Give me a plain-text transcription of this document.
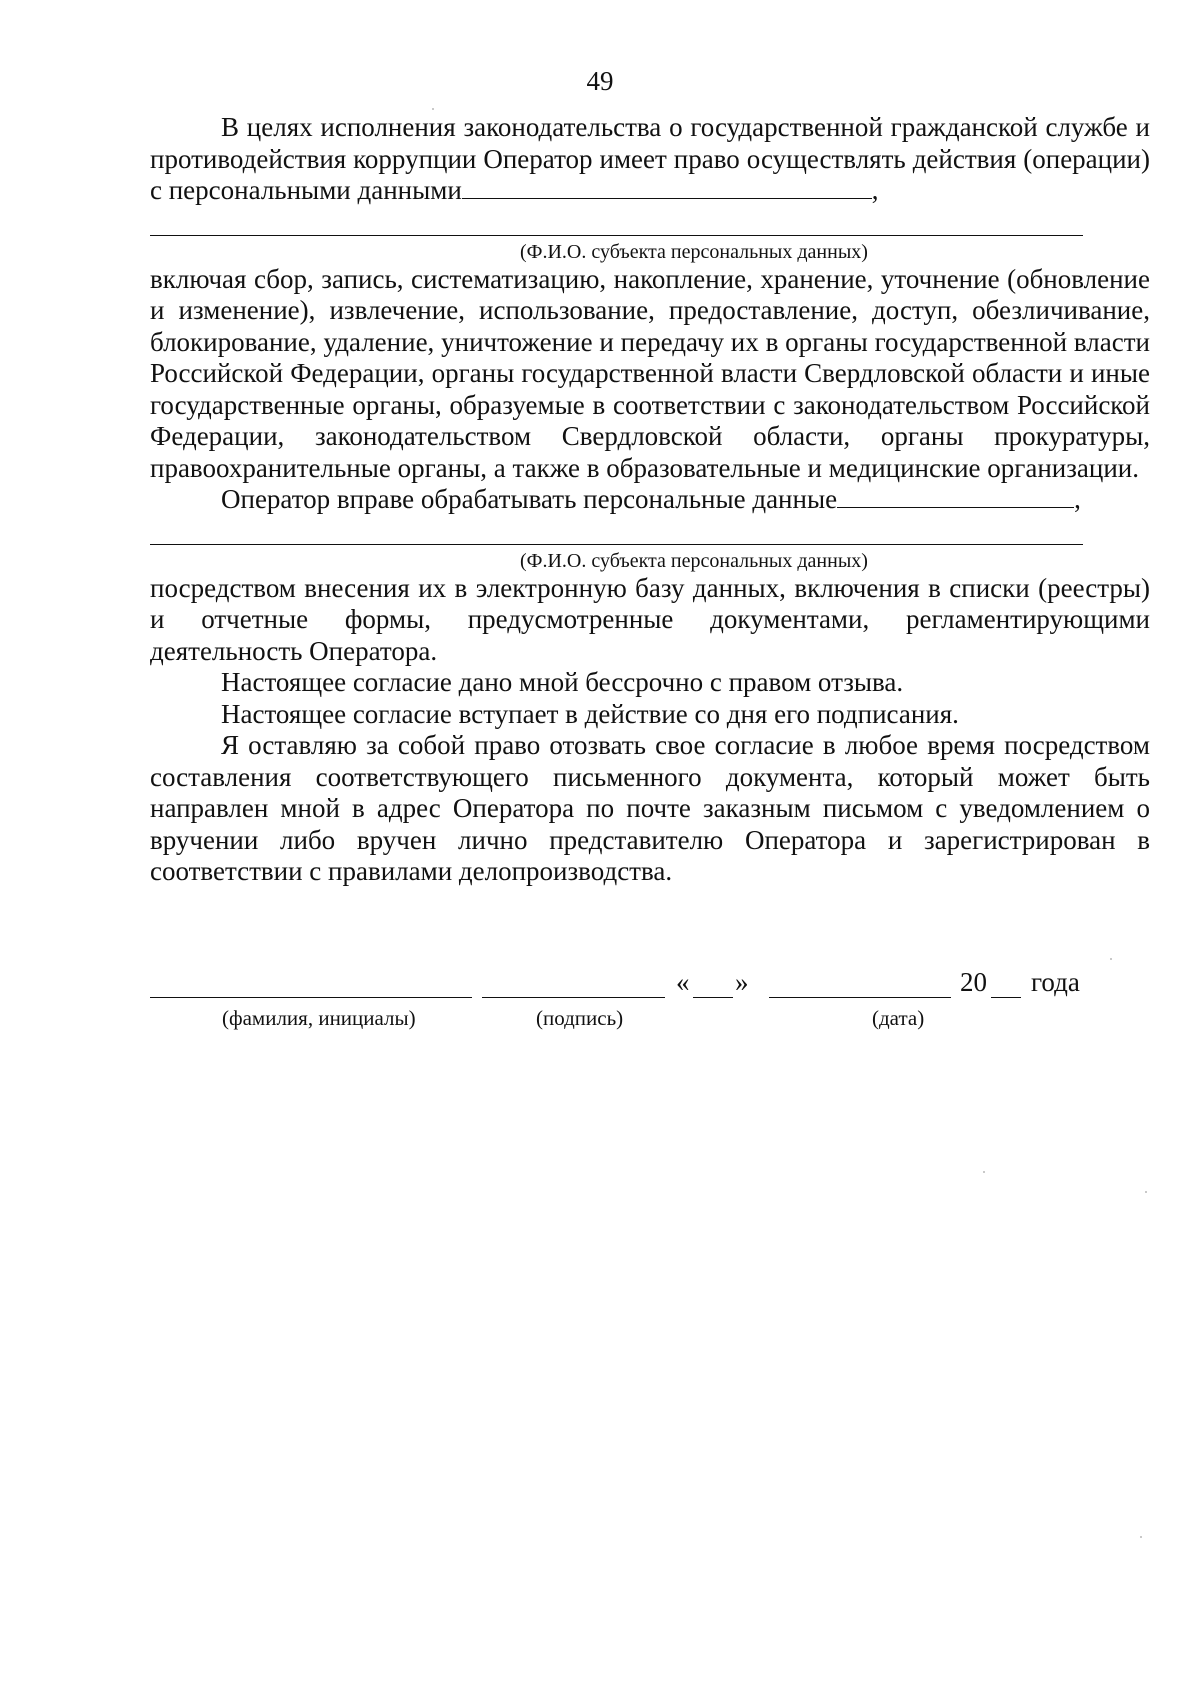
49

В целях исполнения законодательства о государственной гражданской службе и противодействия коррупции Оператор имеет право осуществлять действия (операции) с персональными данными	,

(Ф.И.О. субъекта персональных данных)

включая сбор, запись, систематизацию, накопление, хранение, уточнение (обновление и изменение), извлечение, использование, предоставление, доступ, обезличивание, блокирование, удаление, уничтожение и передачу их в органы государственной власти Российской Федерации, органы государственной власти Свердловской области и иные государственные органы, образуемые в соответствии с законодательством Российской Федерации, законодательством Свердловской области, органы прокуратуры, правоохранительные органы, а также в образовательные и медицинские организации.

Оператор вправе обрабатывать персональные данные	,

(Ф.И.О. субъекта персональных данных)

посредством внесения их в электронную базу данных, включения в списки (реестры) и отчетные формы, предусмотренные документами, регламентирующими деятельность Оператора.

Настоящее согласие дано мной бессрочно с правом отзыва.

Настоящее согласие вступает в действие со дня его подписания.

Я оставляю за собой право отозвать свое согласие в любое время посредством составления соответствующего письменного документа, который может быть направлен мной в адрес Оператора по почте заказным письмом с уведомлением о вручении либо вручен лично представителю Оператора и зарегистрирован в соответствии с правилами делопроизводства.

« »	20 года
(фамилия, инициалы)	(подпись)	(дата)
